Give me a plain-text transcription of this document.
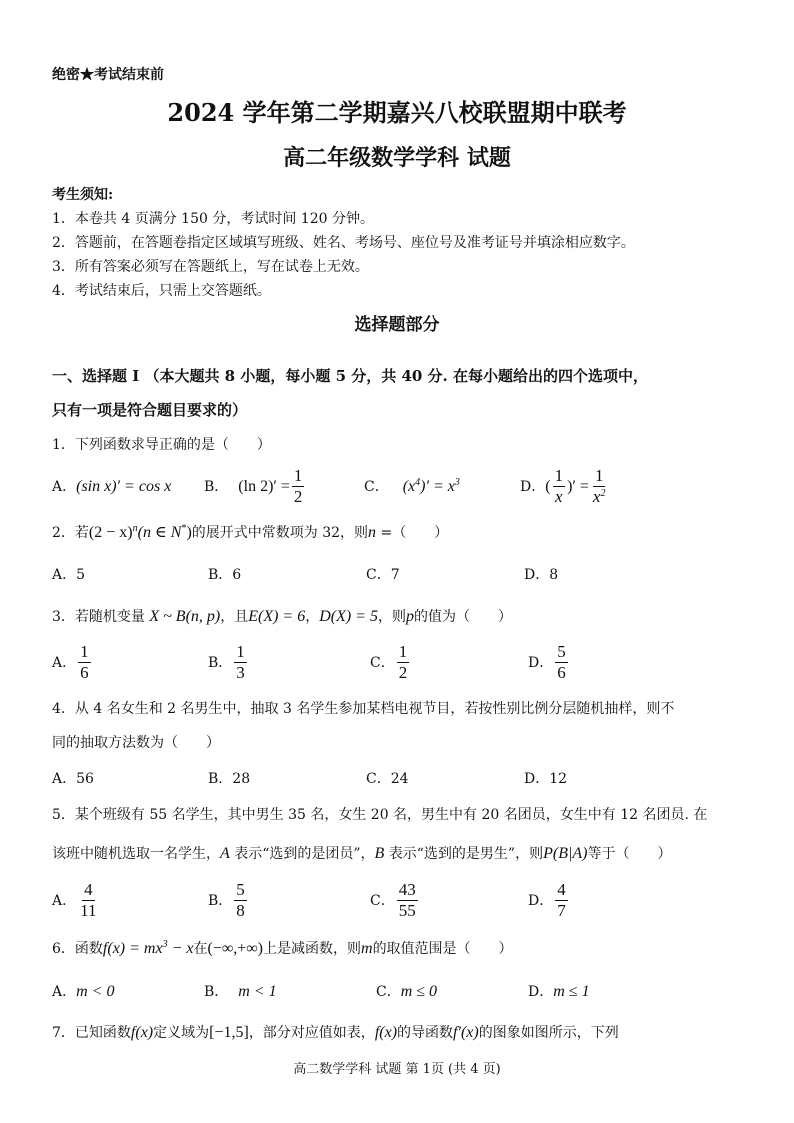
绝密★考试结束前
2024 学年第二学期嘉兴八校联盟期中联考
高二年级数学学科 试题
考生须知:
1．本卷共 4 页满分 150 分，考试时间 120 分钟。
2．答题前，在答题卷指定区域填写班级、姓名、考场号、座位号及准考证号并填涂相应数字。
3．所有答案必须写在答题纸上，写在试卷上无效。
4．考试结束后，只需上交答题纸。
选择题部分
一、选择题 I （本大题共 8 小题，每小题 5 分，共 40 分. 在每小题给出的四个选项中，
只有一项是符合题目要求的）
1．下列函数求导正确的是（　　）
A．(sin x)′ = cos x B． (ln $2)' = \frac{1}{2}$	C． $(x^4)' = x^3$	D． ( $\frac{1}{x}$ )′ = $\frac{1}{x^2}$
2．若$(2 - x)^n(n$ ∈ N*)的展开式中常数项为 32，则n =（　　）
A．5	B．6	C．7	D．8
3．若随机变量 X ~ B(n, p)，且E(X) = 6，D(X) = 5，则p的值为（　　）
A． $\frac{1}{6}$	B． $\frac{1}{3}$	C． $\frac{1}{2}$	D． $\frac{5}{6}$
4．从 4 名女生和 2 名男生中，抽取 3 名学生参加某档电视节目，若按性别比例分层随机抽样，则不
同的抽取方法数为（　　）
A．56	B．28	C．24	D．12
5．某个班级有 55 名学生，其中男生 35 名，女生 20 名，男生中有 20 名团员，女生中有 12 名团员. 在
该班中随机选取一名学生，A 表示“选到的是团员”，B 表示“选到的是男生”，则P(B|A)等于（　　）
A． $\frac{4}{11}$	B． $\frac{5}{8}$	C． $\frac{43}{55}$	D． $\frac{4}{7}$
6．函数$f(x) = mx^3 - x$在(−∞,+∞)上是减函数，则m的取值范围是（　　）
A．m < 0	B． m < 1	C．m ≤ 0	D．m ≤ 1
7．已知函数f(x)定义域为[−1,5]，部分对应值如表，f(x)的导函数f′(x)的图象如图所示，下列
高二数学学科 试题 第 1页 (共 4 页)
